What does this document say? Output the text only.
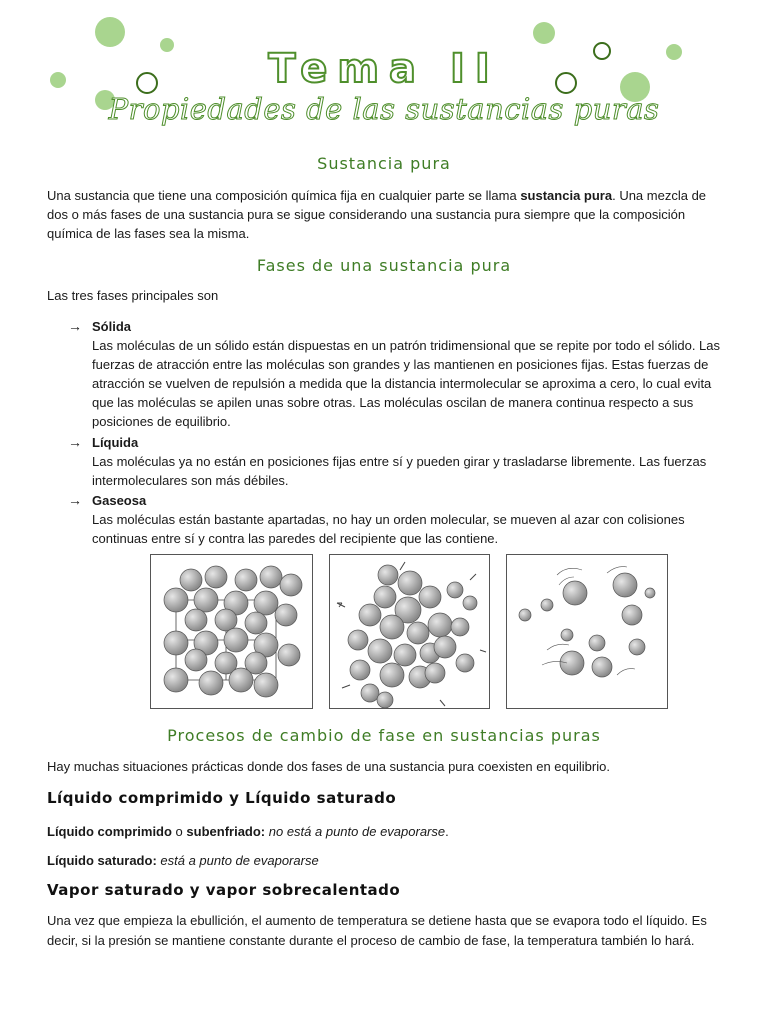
Tema II
Propiedades de las sustancias puras
Sustancia pura

Una sustancia que tiene una composición química fija en cualquier parte se llama sustancia pura. Una mezcla de dos o más fases de una sustancia pura se sigue considerando una sustancia pura siempre que la composición química de las fases sea la misma.

Fases de una sustancia pura

Las tres fases principales son

→ Sólida
Las moléculas de un sólido están dispuestas en un patrón tridimensional que se repite por todo el sólido. Las fuerzas de atracción entre las moléculas son grandes y las mantienen en posiciones fijas. Estas fuerzas de atracción se vuelven de repulsión a medida que la distancia intermolecular se aproxima a cero, lo cual evita que las moléculas se apilen unas sobre otras. Las moléculas oscilan de manera continua respecto a sus posiciones de equilibrio.
→ Líquida
Las moléculas ya no están en posiciones fijas entre sí y pueden girar y trasladarse libremente. Las fuerzas intermoleculares son más débiles.
→ Gaseosa
Las moléculas están bastante apartadas, no hay un orden molecular, se mueven al azar con colisiones continuas entre sí y contra las paredes del recipiente que las contiene.
Procesos de cambio de fase en sustancias puras

Hay muchas situaciones prácticas donde dos fases de una sustancia pura coexisten en equilibrio.

Líquido comprimido y Líquido saturado

Líquido comprimido o subenfriado: no está a punto de evaporarse.

Líquido saturado: está a punto de evaporarse

Vapor saturado y vapor sobrecalentado

Una vez que empieza la ebullición, el aumento de temperatura se detiene hasta que se evapora todo el líquido. Es decir, si la presión se mantiene constante durante el proceso de cambio de fase, la temperatura también lo hará.
